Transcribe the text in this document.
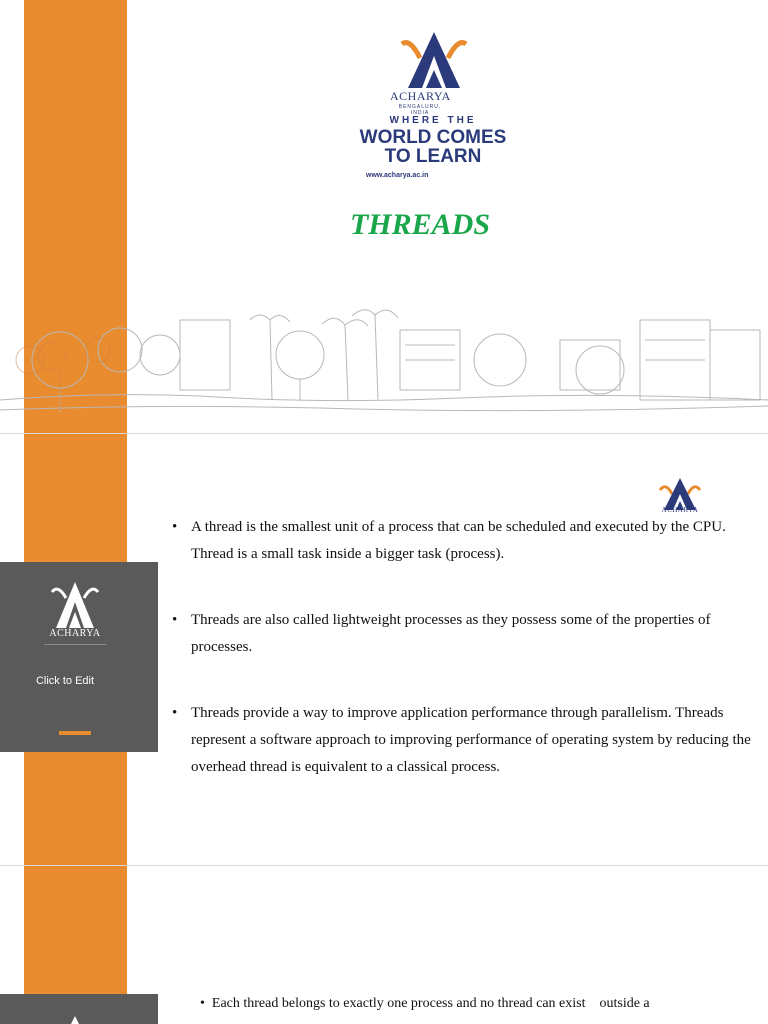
ACHARYA
BENGALURU, INDIA
WHERE THE
WORLD COMES
TO LEARN
www.acharya.ac.in
THREADS
ACHARYA
Click to Edit
ACHARYA
• A thread is the smallest unit of a process that can be scheduled and executed by the CPU. Thread is a small task inside a bigger task (process).
• Threads are also called lightweight processes as they possess some of the properties of processes.
• Threads provide a way to improve application performance through parallelism. Threads represent a software approach to improving performance of operating system by reducing the overhead thread is equivalent to a classical process.
•  Each thread belongs to exactly one process and no thread can exist    outside a
